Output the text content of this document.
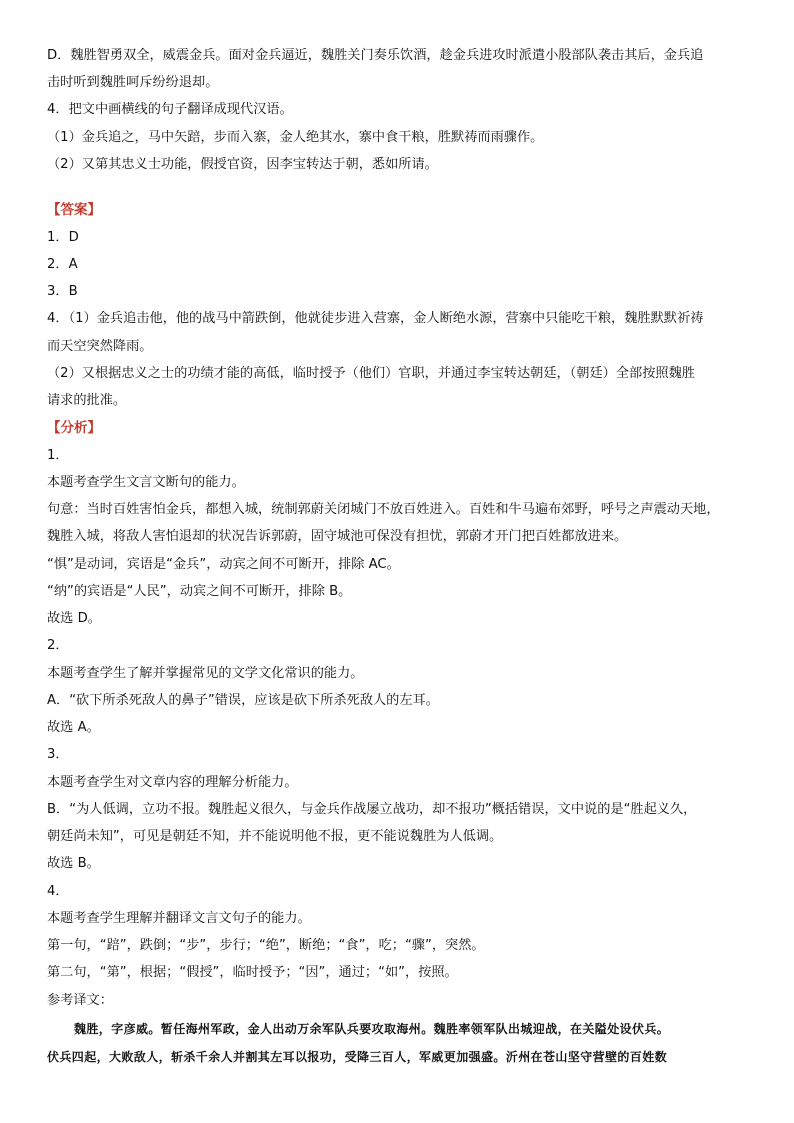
D．魏胜智勇双全，威震金兵。面对金兵逼近，魏胜关门奏乐饮酒，趁金兵进攻时派遣小股部队袭击其后，金兵追
击时听到魏胜呵斥纷纷退却。
4．把文中画横线的句子翻译成现代汉语。
（1）金兵追之，马中矢踣，步而入寨，金人绝其水，寨中食干粮，胜默祷而雨骤作。
（2）又第其忠义士功能，假授官资，因李宝转达于朝，悉如所请。
【答案】
1．D
2．A
3．B
4．（1）金兵追击他，他的战马中箭跌倒，他就徒步进入营寨，金人断绝水源，营寨中只能吃干粮，魏胜默默祈祷
而天空突然降雨。
（2）又根据忠义之士的功绩才能的高低，临时授予（他们）官职，并通过李宝转达朝廷，（朝廷）全部按照魏胜
请求的批准。
【分析】
1．
本题考查学生文言文断句的能力。
句意：当时百姓害怕金兵，都想入城，统制郭蔚关闭城门不放百姓进入。百姓和牛马遍布郊野，呼号之声震动天地，
魏胜入城，将敌人害怕退却的状况告诉郭蔚，固守城池可保没有担忧，郭蔚才开门把百姓都放进来。
“惧”是动词，宾语是“金兵”，动宾之间不可断开，排除 AC。
“纳”的宾语是“人民”，动宾之间不可断开，排除 B。
故选 D。
2．
本题考查学生了解并掌握常见的文学文化常识的能力。
A．“砍下所杀死敌人的鼻子”错误，应该是砍下所杀死敌人的左耳。
故选 A。
3．
本题考查学生对文章内容的理解分析能力。
B．“为人低调，立功不报。魏胜起义很久，与金兵作战屡立战功，却不报功”概括错误，文中说的是“胜起义久，
朝廷尚未知”，可见是朝廷不知，并不能说明他不报，更不能说魏胜为人低调。
故选 B。
4．
本题考查学生理解并翻译文言文句子的能力。
第一句，“踣”，跌倒；“步”，步行；“绝”，断绝；“食”，吃；“骤”，突然。
第二句，“第”，根据；“假授”，临时授予；“因”，通过；“如”，按照。
参考译文：
魏胜，字彦威。暂任海州军政，金人出动万余军队兵要攻取海州。魏胜率领军队出城迎战，在关隘处设伏兵。
伏兵四起，大败敌人，斩杀千余人并割其左耳以报功，受降三百人，军威更加强盛。沂州在苍山坚守营壁的百姓数
